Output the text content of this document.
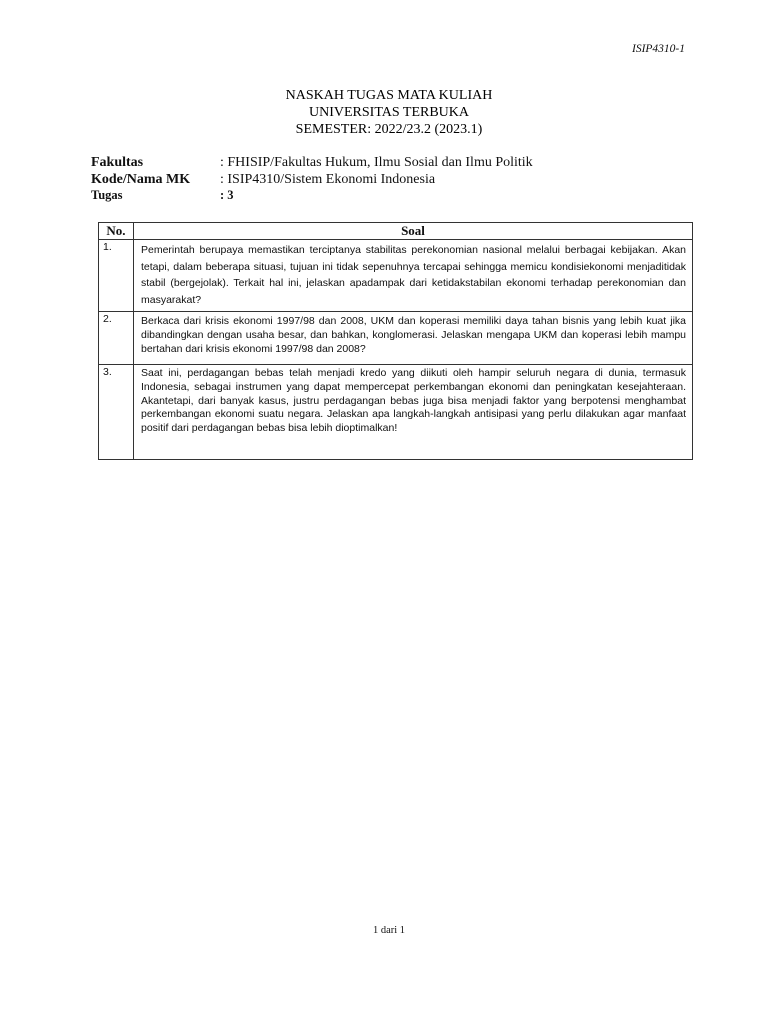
ISIP4310-1
NASKAH TUGAS MATA KULIAH
UNIVERSITAS TERBUKA
SEMESTER: 2022/23.2 (2023.1)
Fakultas	: FHISIP/Fakultas Hukum, Ilmu Sosial dan Ilmu Politik
Kode/Nama MK	: ISIP4310/Sistem Ekonomi Indonesia
Tugas	: 3
No.	Soal
1.	Pemerintah berupaya memastikan terciptanya stabilitas perekonomian nasional melalui berbagai kebijakan. Akan tetapi, dalam beberapa situasi, tujuan ini tidak sepenuhnya tercapai sehingga memicu kondisiekonomi menjaditidak stabil (bergejolak). Terkait hal ini, jelaskan apadampak dari ketidakstabilan ekonomi terhadap perekonomian dan masyarakat?

2.	Berkaca dari krisis ekonomi 1997/98 dan 2008, UKM dan koperasi memiliki daya tahan bisnis yang lebih kuat jika dibandingkan dengan usaha besar, dan bahkan, konglomerasi. Jelaskan mengapa UKM dan koperasi lebih mampu bertahan dari krisis ekonomi 1997/98 dan 2008?

3.	Saat ini, perdagangan bebas telah menjadi kredo yang diikuti oleh hampir seluruh negara di dunia, termasuk Indonesia, sebagai instrumen yang dapat mempercepat perkembangan ekonomi dan peningkatan kesejahteraan. Akantetapi, dari banyak kasus, justru perdagangan bebas juga bisa menjadi faktor yang berpotensi menghambat perkembangan ekonomi suatu negara. Jelaskan apa langkah-langkah antisipasi yang perlu dilakukan agar manfaat positif dari perdagangan bebas bisa lebih dioptimalkan!
1 dari 1
